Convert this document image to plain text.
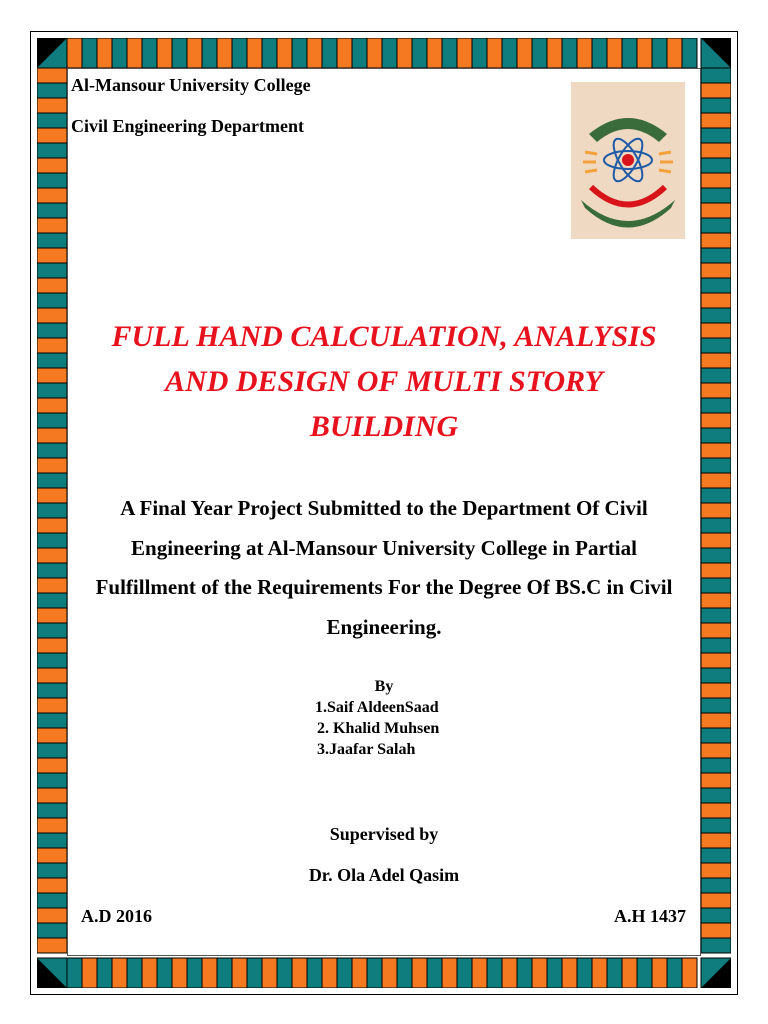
Al-Mansour University College
Civil Engineering Department
FULL HAND CALCULATION, ANALYSIS
AND DESIGN OF MULTI STORY
BUILDING

A Final Year Project Submitted to the Department Of Civil
Engineering at Al-Mansour University College in Partial
Fulfillment of the Requirements For the Degree Of BS.C in Civil
Engineering.

By
1.Saif AldeenSaad
2. Khalid Muhsen
3.Jaafar Salah
Supervised by
Dr. Ola Adel Qasim
A.D 2016	A.H 1437
